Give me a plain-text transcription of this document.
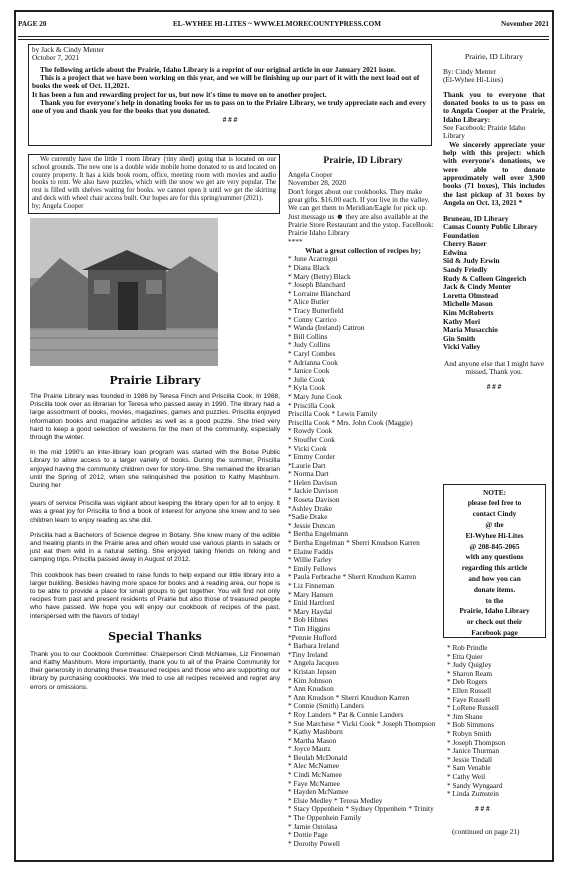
PAGE 20	EL-WYHEE HI-LITES ~ WWW.ELMORECOUNTYPRESS.COM	November 2021
by Jack & Cindy Menter
October 7, 2021

The following article about the Prairie, Idaho Library is a reprint of our original article in our January 2021 issue.

This is a project that we have been working on this year, and we will be finishing up our part of it with the next load out of books the week of Oct. 11,2021.

It has been a fun and rewarding project for us, but now it's time to move on to another project.

Thank you for everyone's help in donating books for us to pass on to the Priaire Library, we truly appreciate each and every one of you and thank you for the books that you donated.

# # #

We currently have the little 1 room library {tiny shed} going that is located on our school grounds. The new one is a double wide mobile home donated to us and located on county property. It has a kids book room, office, meeting room with movies and audio books to rent. We also have puzzles, which with the snow we get are very popular. The rest is filled with shelves waiting for books. we cannot open it until we get the skirting and deck with wheel chair access built. Our hopes are for this spring/summer (2021).

by; Angela Cooper

Prairie Library

The Prairie Library was founded in 1986 by Teresa Finch and Priscilla Cook. In 1988, Priscilla took over as librarian for Teresa who passed away in 1990. The library had a large assortment of books, movies, magazines, games and puzzles. Priscilla enjoyed information books and magazine articles as well as a good puzzle. She tried very hard to keep a good selection of westerns for the men of the community, especially through the winter.

In the mid 1990's an inter-library loan program was started with the Boise Public Library to allow access to a larger variety of books. During the summer, Priscilla enjoyed having the community children over for story-time. She remained the librarian until the Spring of 2012, when she relinquished the position to Kathy Mashburn. During her

years of service Priscilla was vigilant about keeping the library open for all to enjoy. It was a great joy for Priscilla to find a book of interest for anyone she knew and to see children learn to enjoy reading as she did.

Priscilla had a Bachelors of Science degree in Botany. She knew many of the edible and healing plants in the Prairie area and often would use various plants in salads or just eat them wild in a natural setting. She enjoyed taking friends on hiking and camping trips. Priscilla passed away in August of 2012.

This cookbook has been created to raise funds to help expand our little library into a larger building. Besides having more space for books and a reading area, our hope is to be able to provide a place for small groups to get together. You will find not only recipes from past and present residents of Prairie but also those of treasured people who have passed. We hope you will enjoy our cookbook of recipes of the past, interspersed with the flavors of today!

Special Thanks

Thank you to our Cookbook Committee: Chairperson Cindi McNamee, Liz Finneman and Kathy Mashburn. More importantly, thank you to all of the Prairie Community for their generosity in donating these treasured recipes and those who are supporting our library by purchasing cookbooks. We tried to use all recipes received and regret any errors or omissions.

Prairie, ID Library
Angela Cooper
November 28, 2020

Don't forget about our cookbooks. They make great gifts. $16.00 each. If you live in the valley. We can get them to Meridian/Eagle for pick up. Just message us ☻ they are also available at the Prairie Store Restaurant and the ystop. FaceBook: Prairie Idaho Library

****
What a great collection of recipes by;
* June Acarregui
* Diana Black
* Mary (Betty) Black
* Joseph Blanchard
* Lorraine Blanchard
* Alice Butler
* Tracy Butterfield
* Conny Carrico
* Wanda (Ireland) Cattron
* Bill Collins
* Judy Collins
* Caryl Combes
* Adrianna Cook
* Janice Cook
* Julie Cook
* Kyla Cook
* Mary June Cook
* Priscilla Cook
Priscilla Cook * Lewis Family
Priscilla Cook * Mrs. John Cook (Maggie)
* Rowdy Cook
* Stouffer Cook
* Vicki Cook
* Emmy Corder
*Laurie Dart
* Norma Dart
* Helen Davison
* Jackie Davison
* Roseta Davison
*Ashley Drake
*Sadie Drake
* Jessie Duncan
* Bertha Engelmann
* Bertha Engelman * Sherri Knudson Karren
* Elaine Faddis
* Willie Farley
* Emily Fellows
* Paula Ferbrache * Sherri Knudson Karren
* Liz Finneman
* Mary Hansen
* Enid Hartford
* Mary Haydal
* Bob Hibnes
* Tim Higgins
*Pennie Hufford
* Barbara Ireland
*Tiny Ireland
* Angela Jacques
* Kristan Jepsen
* Kim Johnson
* Ann Knudson
* Ann Knudson * Sherri Knudson Karren
* Connie (Smith) Landers
* Roy Landers * Pat & Connie Landers
* Sue Marchese * Vicki Cook * Joseph Thompson
* Kathy Mashburn
* Martha Mason
* Joyce Mautz
* Beulah McDonald
* Alec McNamee
* Cindi McNamee
* Faye McNamee
* Hayden McNamee
* Elsie Medley * Teresa Medley
* Stacy Oppenhein * Sydney Oppenhein * Trinity
* The Oppenhein Family
* Jamie Ostolasa
* Dottie Page
* Dorothy Powell
Prairie, ID Library
By: Cindy Menter
(El-Wyhee Hi-Lites)

Thank you to everyone that donated books to us to pass on to Angela Cooper at the Prairie, Idaho Library:

See Facebook: Prairie Idaho Library

We sincerely appreciate your help with this project: which with everyone's donations, we were able to donate approximately well over 3,900 books (71 boxes), This includes the last pickup of 31 boxes by Angela on Oct. 13, 2021 *

Bruneau, ID Library
Camas County Public Library Foundation
Cherry Bauer
Edwina
Sid & Judy Erwin
Sandy Friedly
Rudy & Colleen Gingerich
Jack & Cindy Menter
Loretta Olmstead
Michelle Mason
Kim McRoberts
Kathy Mori
Maria Musacchio
Gin Smith
Vicki Valley

And anyone else that I might have missed, Thank you.

# # #

NOTE:
please feel free to
contact Cindy
@ the
El-Wyhee Hi-Lites
@ 208-845-2065
with any questions
regarding this article
and how you can
donate items.
to the
Prairie, Idaho Library
or check out their
Facebook page
* Rob Prindle
* Etta Quier
* Judy Quigley
* Sharon Ream
* Deb Rogers
* Ellen Russell
* Faye Russell
* LoRene Russell
* Jim Shane
* Bob Simmons
* Robyn Smith
* Joseph Thompson
* Janice Thurman
* Jessie Tindall
* Sam Venable
* Cathy Weil
* Sandy Wyngaard
* Linda Zumstein
# # #
(continued on page 21)
